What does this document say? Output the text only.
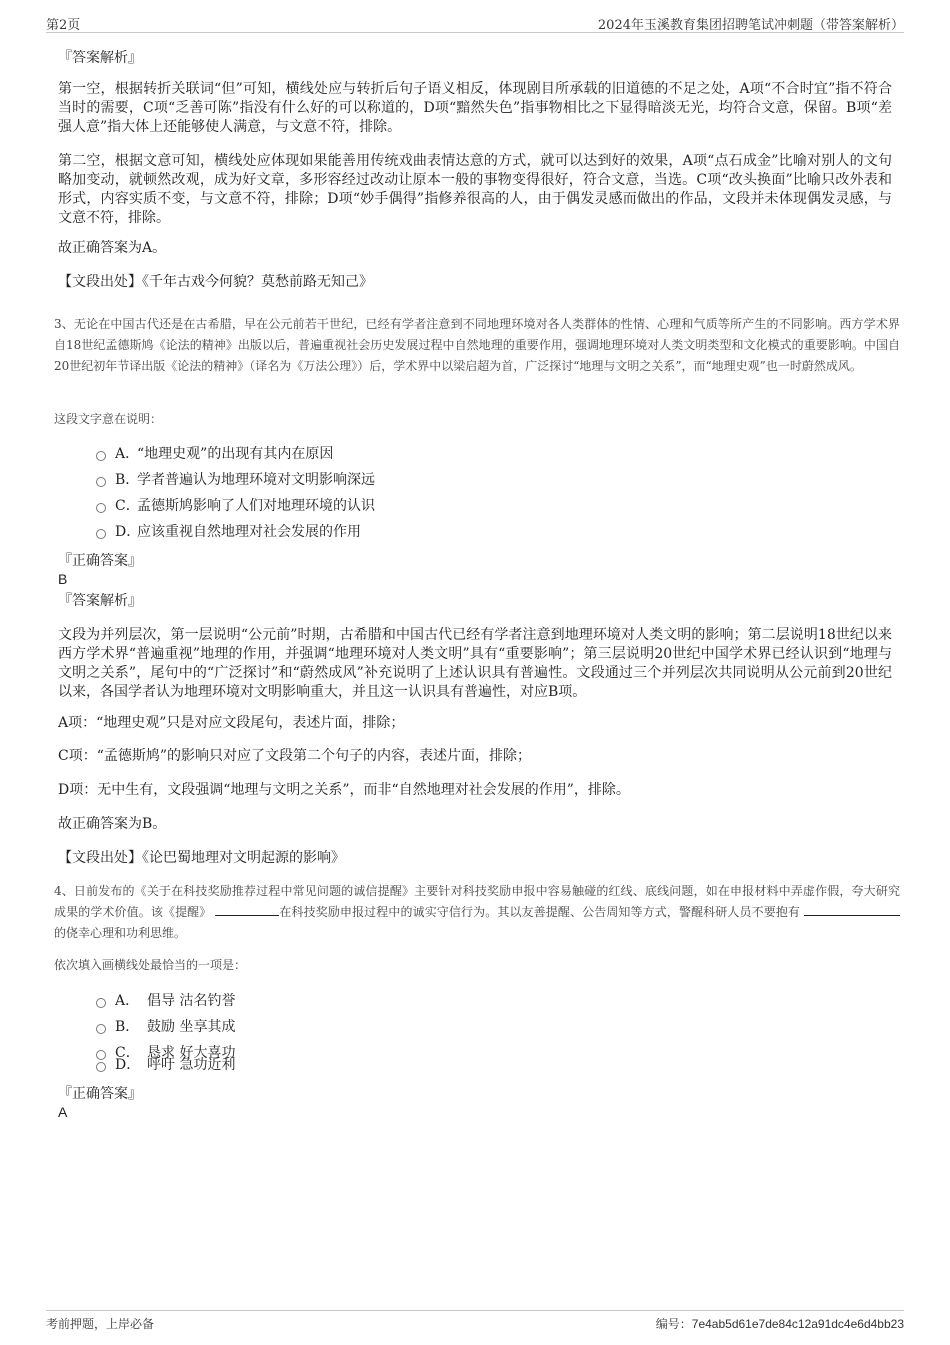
第2页	2024年玉溪教育集团招聘笔试冲刺题（带答案解析）

『答案解析』

第一空，根据转折关联词“但”可知，横线处应与转折后句子语义相反，体现剧目所承载的旧道德的不足之处，A项“不合时宜”指不符合当时的需要，C项“乏善可陈”指没有什么好的可以称道的，D项“黯然失色”指事物相比之下显得暗淡无光，均符合文意，保留。B项“差强人意”指大体上还能够使人满意，与文意不符，排除。

第二空，根据文意可知，横线处应体现如果能善用传统戏曲表情达意的方式，就可以达到好的效果，A项“点石成金”比喻对别人的文句略加变动，就顿然改观，成为好文章，多形容经过改动让原本一般的事物变得很好，符合文意，当选。C项“改头换面”比喻只改外表和形式，内容实质不变，与文意不符，排除；D项“妙手偶得”指修养很高的人，由于偶发灵感而做出的作品，文段并未体现偶发灵感，与文意不符，排除。

故正确答案为A。

【文段出处】《千年古戏今何貌？莫愁前路无知己》

3、无论在中国古代还是在古希腊，早在公元前若干世纪，已经有学者注意到不同地理环境对各人类群体的性情、心理和气质等所产生的不同影响。西方学术界自18世纪孟德斯鸠《论法的精神》出版以后，普遍重视社会历史发展过程中自然地理的重要作用，强调地理环境对人类文明类型和文化模式的重要影响。中国自20世纪初年节译出版《论法的精神》（译名为《万法公理》）后，学术界中以梁启超为首，广泛探讨“地理与文明之关系”，而“地理史观”也一时蔚然成风。

这段文字意在说明：

A．“地理史观”的出现有其内在原因
B．学者普遍认为地理环境对文明影响深远
C．孟德斯鸠影响了人们对地理环境的认识
D．应该重视自然地理对社会发展的作用

『正确答案』

B

『答案解析』

文段为并列层次，第一层说明“公元前”时期，古希腊和中国古代已经有学者注意到地理环境对人类文明的影响；第二层说明18世纪以来西方学术界“普遍重视”地理的作用，并强调“地理环境对人类文明”具有“重要影响”；第三层说明20世纪中国学术界已经认识到“地理与文明之关系”，尾句中的“广泛探讨”和“蔚然成风”补充说明了上述认识具有普遍性。文段通过三个并列层次共同说明从公元前到20世纪以来，各国学者认为地理环境对文明影响重大，并且这一认识具有普遍性，对应B项。

A项：“地理史观”只是对应文段尾句，表述片面，排除；

C项：“孟德斯鸠”的影响只对应了文段第二个句子的内容，表述片面，排除；

D项：无中生有，文段强调“地理与文明之关系”，而非“自然地理对社会发展的作用”，排除。

故正确答案为B。

【文段出处】《论巴蜀地理对文明起源的影响》

4、日前发布的《关于在科技奖励推荐过程中常见问题的诚信提醒》主要针对科技奖励申报中容易触碰的红线、底线问题，如在申报材料中弄虚作假，夸大研究成果的学术价值。该《提醒》	在科技奖励申报过程中的诚实守信行为。其以友善提醒、公告周知等方式，警醒科研人员不要抱有 的侥幸心理和功利思维。

依次填入画横线处最恰当的一项是：

A． 倡导 沽名钓誉
B． 鼓励 坐享其成
C． 恳求 好大喜功
D． 呼吁 急功近利

『正确答案』

A

考前押题，上岸必备	编号：7e4ab5d61e7de84c12a91dc4e6d4bb23
